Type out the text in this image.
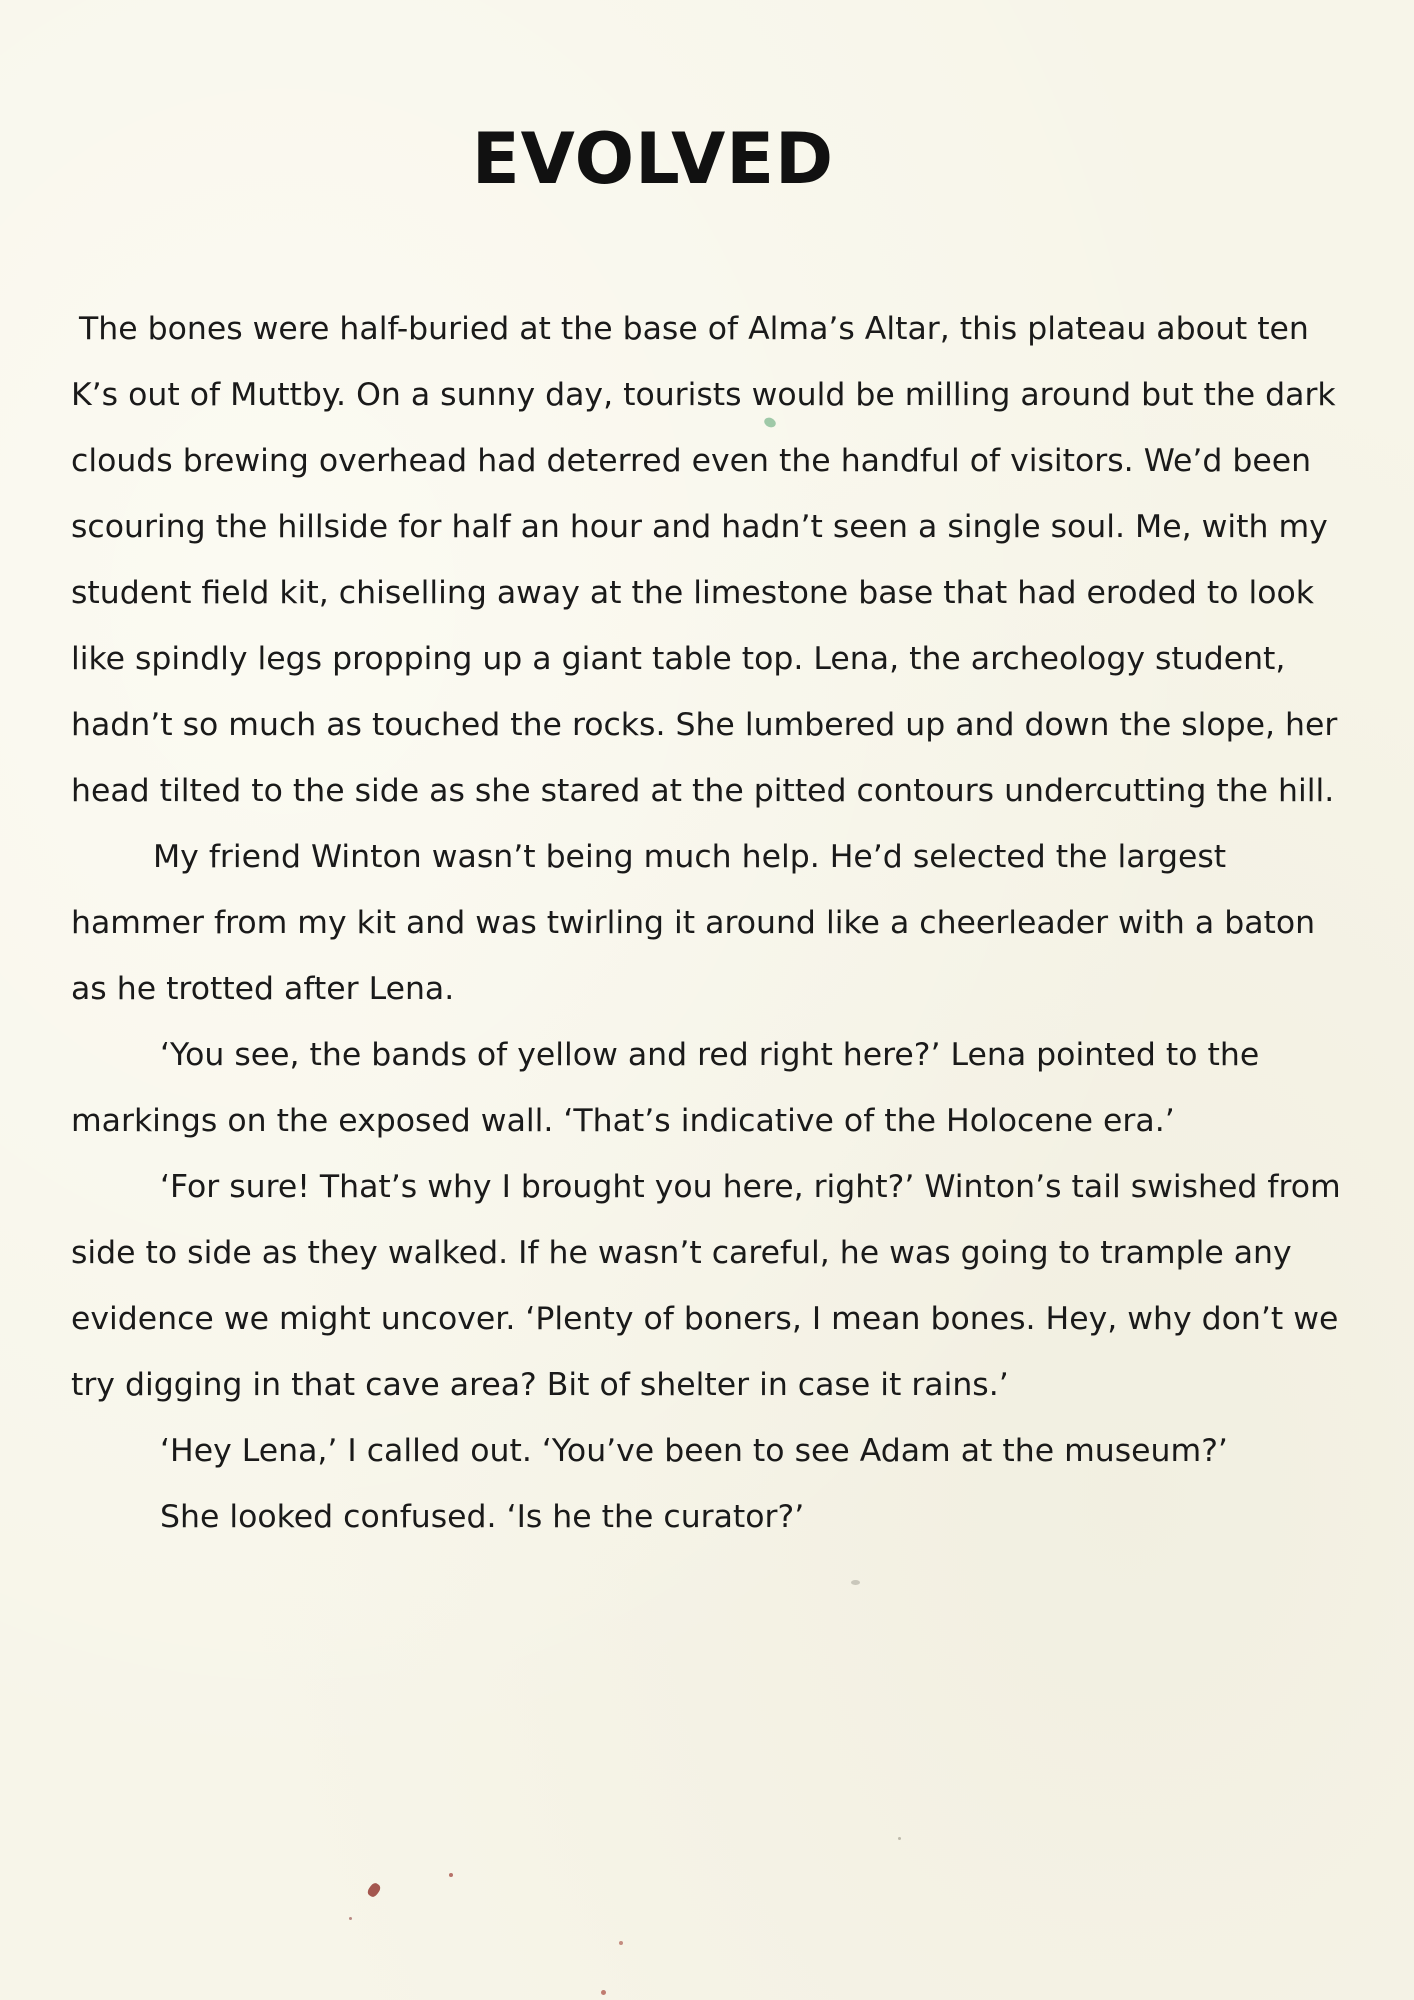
EVOLVED

The bones were half-buried at the base of Alma’s Altar, this plateau about ten K’s out of Muttby. On a sunny day, tourists would be milling around but the dark clouds brewing overhead had deterred even the handful of visitors. We’d been scouring the hillside for half an hour and hadn’t seen a single soul. Me, with my student field kit, chiselling away at the limestone base that had eroded to look like spindly legs propping up a giant table top. Lena, the archeology student, hadn’t so much as touched the rocks. She lumbered up and down the slope, her head tilted to the side as she stared at the pitted contours undercutting the hill.

My friend Winton wasn’t being much help. He’d selected the largest hammer from my kit and was twirling it around like a cheerleader with a baton as he trotted after Lena.

‘You see, the bands of yellow and red right here?’ Lena pointed to the markings on the exposed wall. ‘That’s indicative of the Holocene era.’

‘For sure! That’s why I brought you here, right?’ Winton’s tail swished from side to side as they walked. If he wasn’t careful, he was going to trample any evidence we might uncover. ‘Plenty of boners, I mean bones. Hey, why don’t we try digging in that cave area? Bit of shelter in case it rains.’

‘Hey Lena,’ I called out. ‘You’ve been to see Adam at the museum?’

She looked confused. ‘Is he the curator?’
